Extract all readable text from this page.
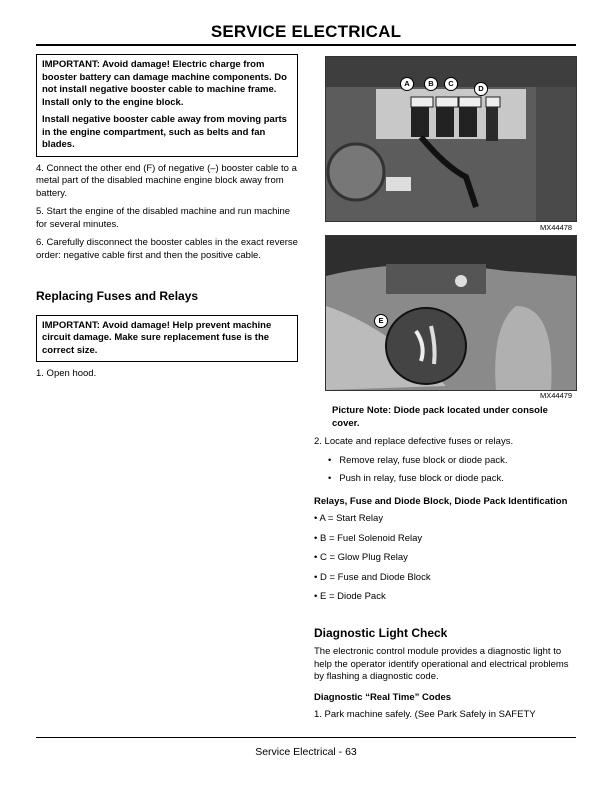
SERVICE ELECTRICAL

IMPORTANT: Avoid damage! Electric charge from booster battery can damage machine components. Do not install negative booster cable to machine frame. Install only to the engine block.

Install negative booster cable away from moving parts in the engine compartment, such as belts and fan blades.

4. Connect the other end (F) of negative (–) booster cable to a metal part of the disabled machine engine block away from battery.

5. Start the engine of the disabled machine and run machine for several minutes.

6. Carefully disconnect the booster cables in the exact reverse order: negative cable first and then the positive cable.

Replacing Fuses and Relays

IMPORTANT: Avoid damage! Help prevent machine circuit damage. Make sure replacement fuse is the correct size.

1. Open hood.

A	B	C
D
MX44478
E
MX44479

Picture Note: Diode pack located under console cover.

2. Locate and replace defective fuses or relays.

•   Remove relay, fuse block or diode pack.

•   Push in relay, fuse block or diode pack.

Relays, Fuse and Diode Block, Diode Pack Identification

• A = Start Relay

• B = Fuel Solenoid Relay

• C = Glow Plug Relay

• D = Fuse and Diode Block

• E = Diode Pack

Diagnostic Light Check

The electronic control module provides a diagnostic light to help the operator identify operational and electrical problems by flashing a diagnostic code.

Diagnostic “Real Time” Codes

1. Park machine safely. (See Park Safely in SAFETY

Service Electrical - 63
